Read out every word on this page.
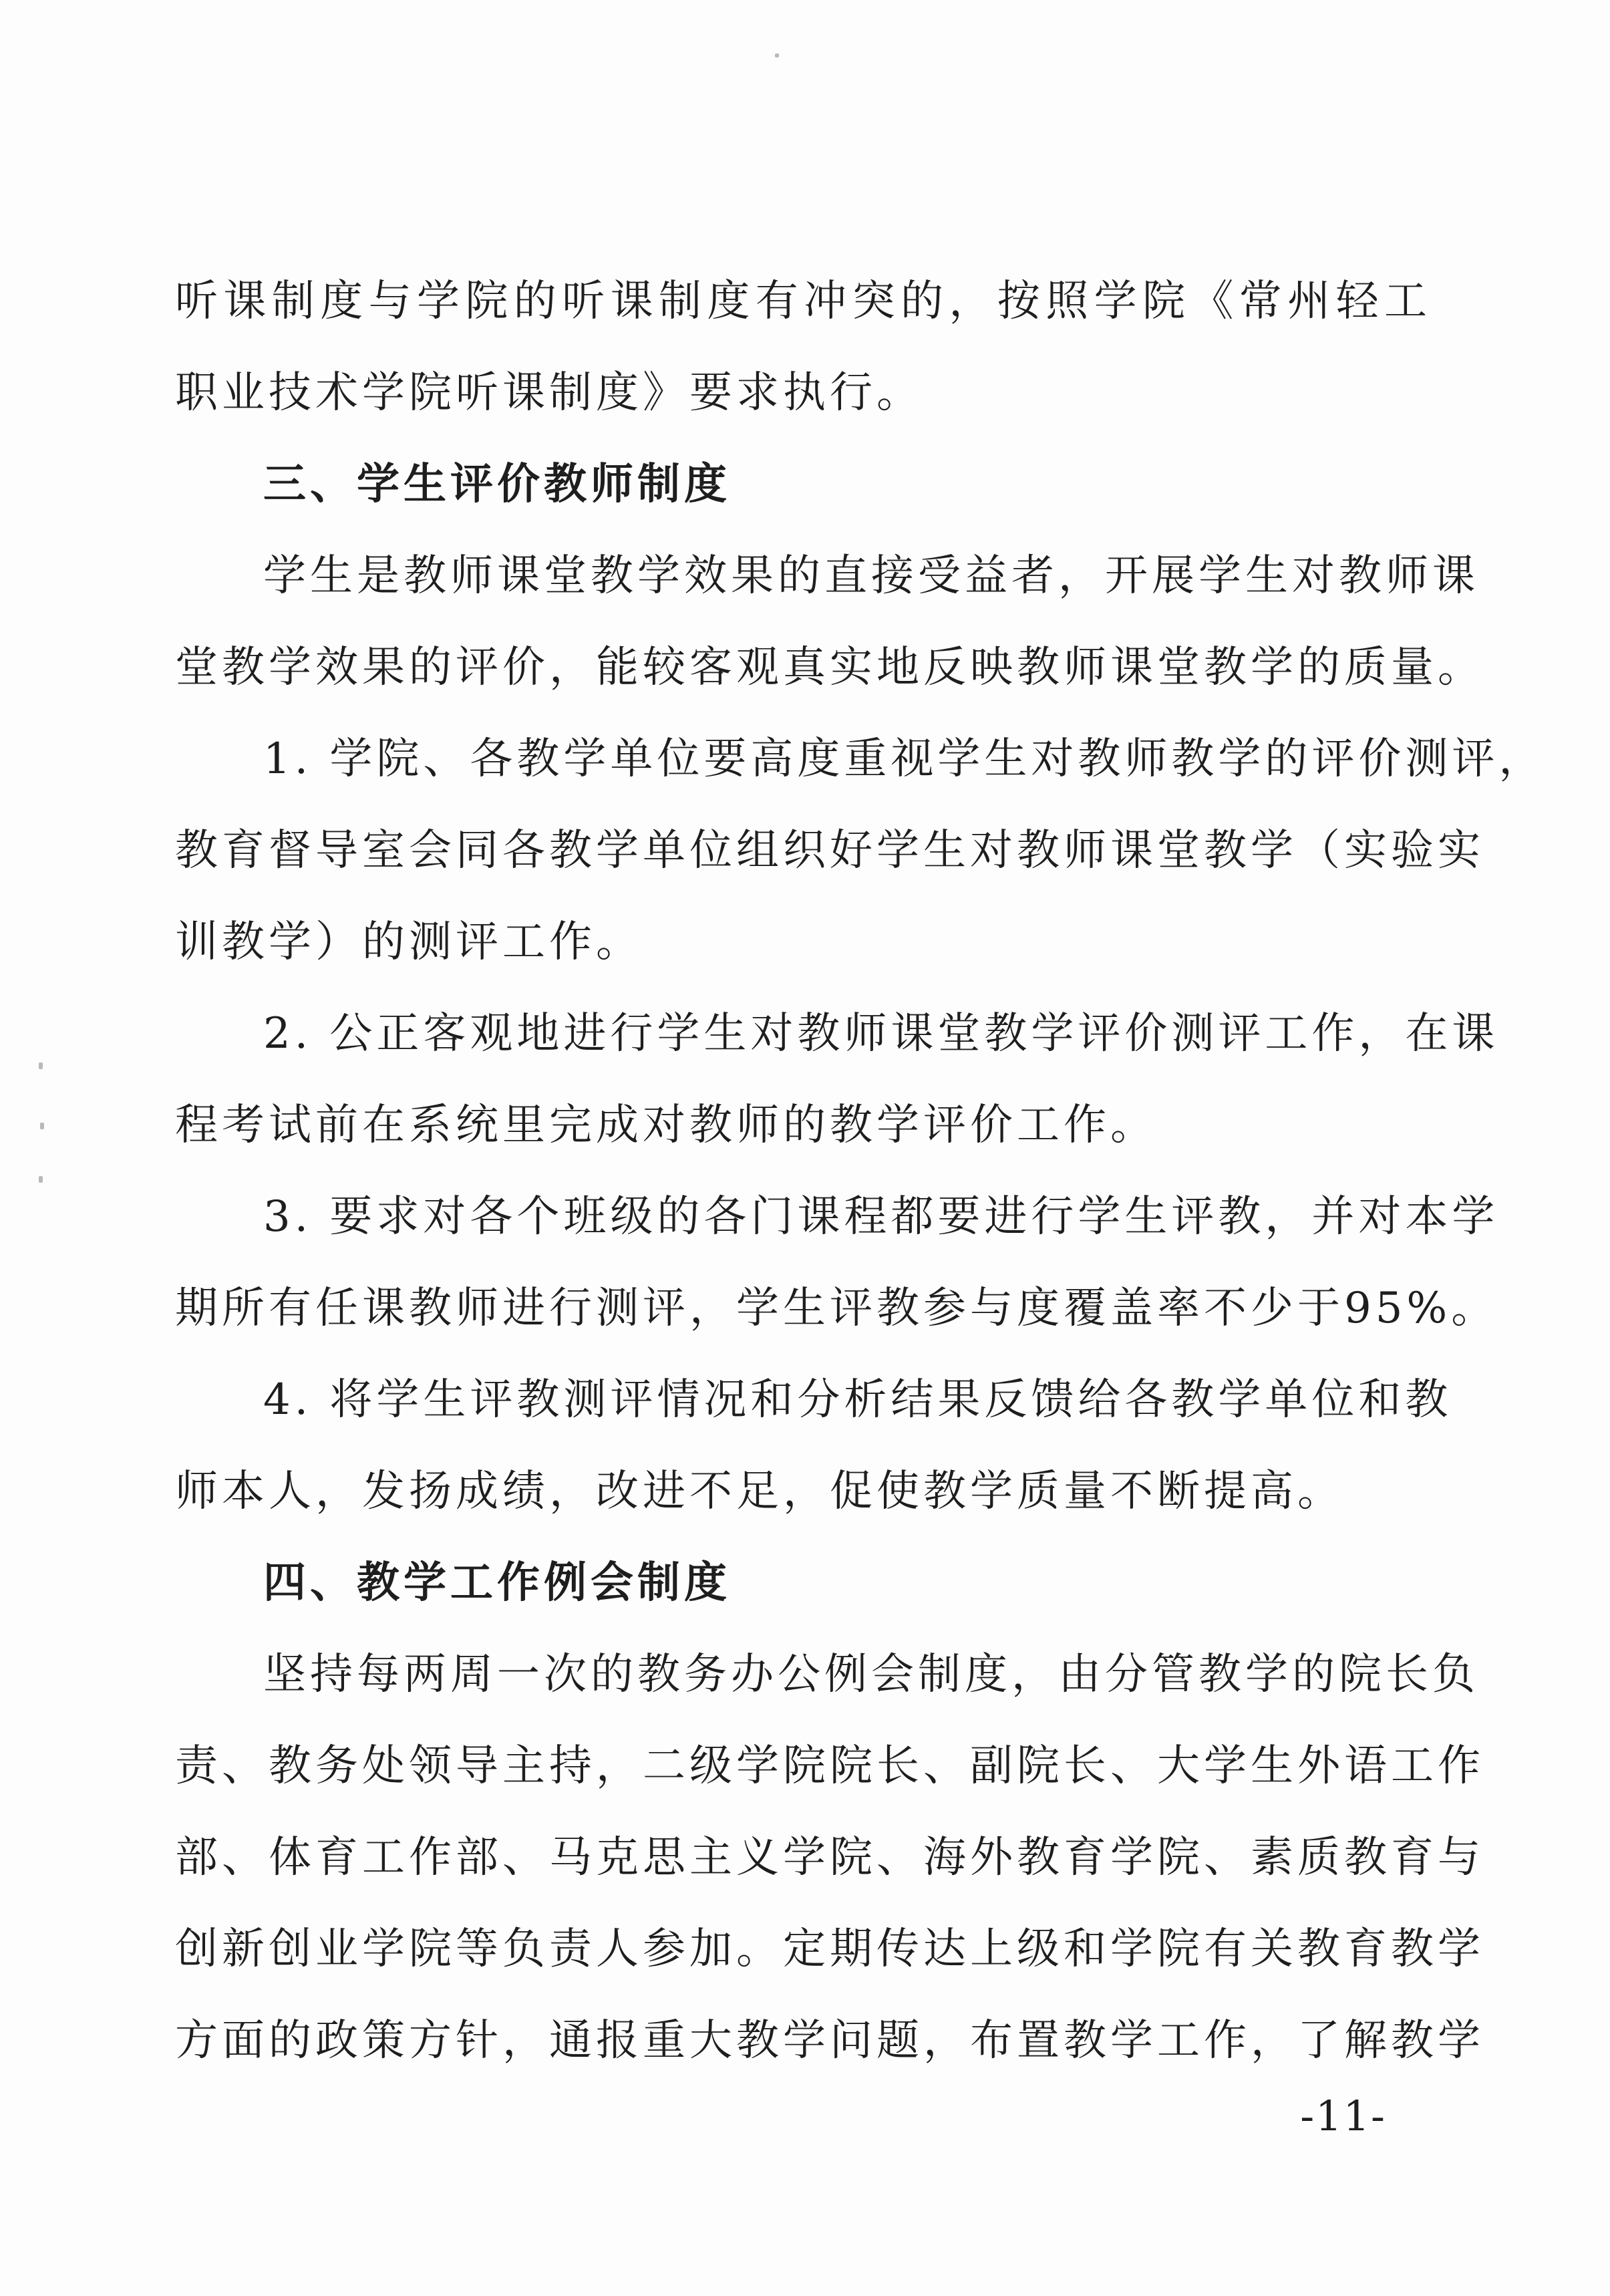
听课制度与学院的听课制度有冲突的，按照学院《常州轻工
职业技术学院听课制度》要求执行。
三、学生评价教师制度
学生是教师课堂教学效果的直接受益者，开展学生对教师课
堂教学效果的评价，能较客观真实地反映教师课堂教学的质量。
1. 学院、各教学单位要高度重视学生对教师教学的评价测评，
教育督导室会同各教学单位组织好学生对教师课堂教学（实验实
训教学）的测评工作。
2. 公正客观地进行学生对教师课堂教学评价测评工作，在课
程考试前在系统里完成对教师的教学评价工作。
3. 要求对各个班级的各门课程都要进行学生评教，并对本学
期所有任课教师进行测评，学生评教参与度覆盖率不少于95%。
4. 将学生评教测评情况和分析结果反馈给各教学单位和教
师本人，发扬成绩，改进不足，促使教学质量不断提高。
四、教学工作例会制度
坚持每两周一次的教务办公例会制度，由分管教学的院长负
责、教务处领导主持，二级学院院长、副院长、大学生外语工作
部、体育工作部、马克思主义学院、海外教育学院、素质教育与
创新创业学院等负责人参加。定期传达上级和学院有关教育教学
方面的政策方针，通报重大教学问题，布置教学工作，了解教学
-11-
